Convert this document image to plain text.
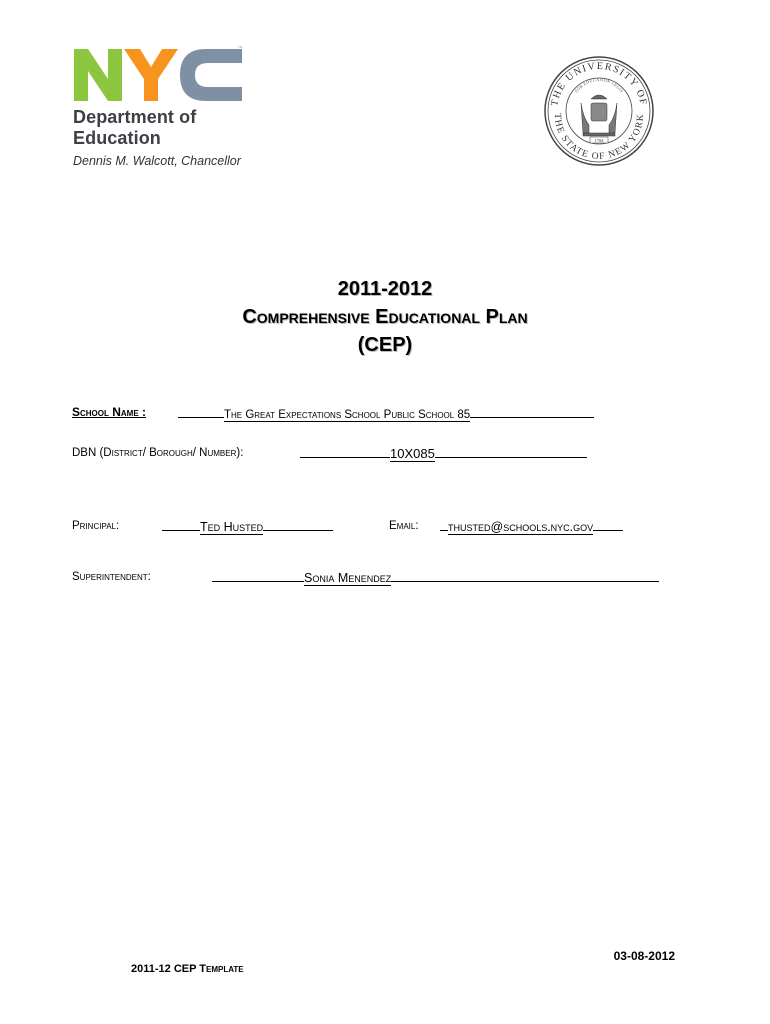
TM
Department of
Education
Dennis M. Walcott, Chancellor
THE UNIVERSITY OF
THE STATE OF NEW YORK
FOR EDUCATION LEGIS
1784
2011-2012
Comprehensive Educational Plan
(CEP)
School Name :	The Great Expectations School Public School 85
DBN (District/ Borough/ Number):	10X085
Principal:	Ted Husted	Email:	thusted@schools.nyc.gov
Superintendent:	Sonia Menendez
03-08-2012
2011-12 CEP Template
